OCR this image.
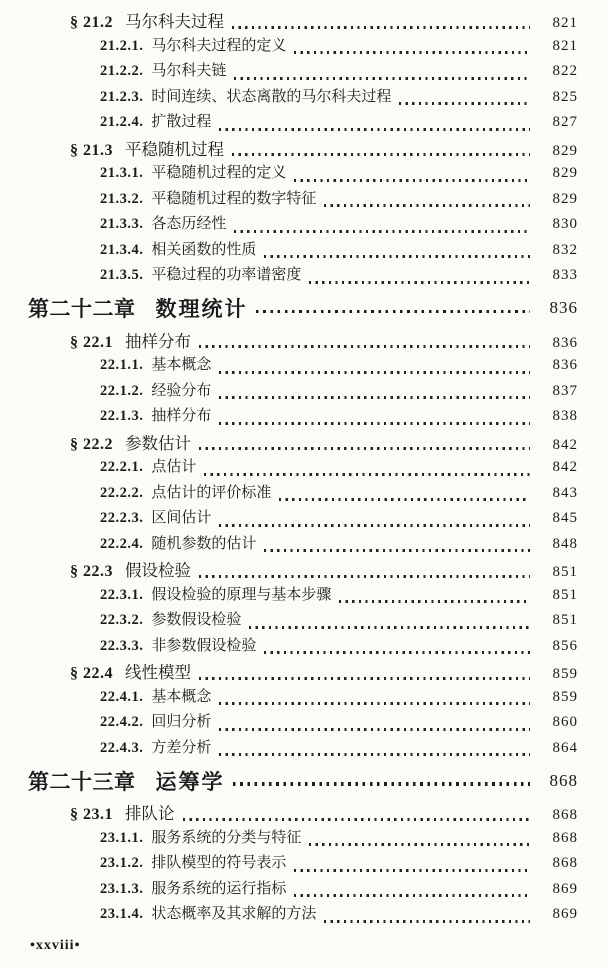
§ 21.2 马尔科夫过程	821
21.2.1. 马尔科夫过程的定义	821
21.2.2. 马尔科夫链	822
21.2.3. 时间连续、状态离散的马尔科夫过程	825
21.2.4. 扩散过程	827
§ 21.3 平稳随机过程	829
21.3.1. 平稳随机过程的定义	829
21.3.2. 平稳随机过程的数字特征	829
21.3.3. 各态历经性	830
21.3.4. 相关函数的性质	832
21.3.5. 平稳过程的功率谱密度	833
第二十二章 数理统计	836
§ 22.1 抽样分布	836
22.1.1. 基本概念	836
22.1.2. 经验分布	837
22.1.3. 抽样分布	838
§ 22.2 参数估计	842
22.2.1. 点估计	842
22.2.2. 点估计的评价标准	843
22.2.3. 区间估计	845
22.2.4. 随机参数的估计	848
§ 22.3 假设检验	851
22.3.1. 假设检验的原理与基本步骤	851
22.3.2. 参数假设检验	851
22.3.3. 非参数假设检验	856
§ 22.4 线性模型	859
22.4.1. 基本概念	859
22.4.2. 回归分析	860
22.4.3. 方差分析	864
第二十三章 运筹学	868
§ 23.1 排队论	868
23.1.1. 服务系统的分类与特征	868
23.1.2. 排队模型的符号表示	868
23.1.3. 服务系统的运行指标	869
23.1.4. 状态概率及其求解的方法	869
•xxviii•
